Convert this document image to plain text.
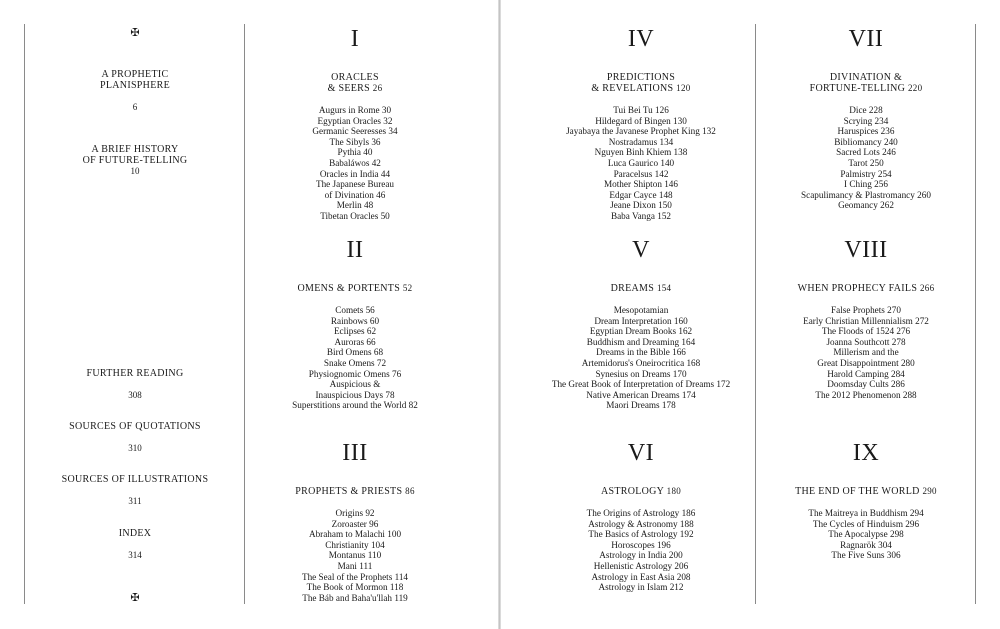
✠
A PROPHETIC
PLANISPHERE
6
A BRIEF HISTORY
OF FUTURE-TELLING
10
FURTHER READING
308
SOURCES OF QUOTATIONS
310
SOURCES OF ILLUSTRATIONS
311
INDEX
314
✠
I
ORACLES
& SEERS 26
Augurs in Rome 30
Egyptian Oracles 32
Germanic Seeresses 34
The Sibyls 36
Pythia 40
Babaláwos 42
Oracles in India 44
The Japanese Bureau
of Divination 46
Merlin 48
Tibetan Oracles 50
II
OMENS & PORTENTS 52
Comets 56
Rainbows 60
Eclipses 62
Auroras 66
Bird Omens 68
Snake Omens 72
Physiognomic Omens 76
Auspicious &
Inauspicious Days 78
Superstitions around the World 82
III
PROPHETS & PRIESTS 86
Origins 92
Zoroaster 96
Abraham to Malachi 100
Christianity 104
Montanus 110
Mani 111
The Seal of the Prophets 114
The Book of Mormon 118
The Báb and Baha'u'llah 119
IV
PREDICTIONS
& REVELATIONS 120
Tui Bei Tu 126
Hildegard of Bingen 130
Jayabaya the Javanese Prophet King 132
Nostradamus 134
Nguyen Binh Khiem 138
Luca Gaurico 140
Paracelsus 142
Mother Shipton 146
Edgar Cayce 148
Jeane Dixon 150
Baba Vanga 152
V
DREAMS 154
Mesopotamian
Dream Interpretation 160
Egyptian Dream Books 162
Buddhism and Dreaming 164
Dreams in the Bible 166
Artemidorus's Oneirocritica 168
Synesius on Dreams 170
The Great Book of Interpretation of Dreams 172
Native American Dreams 174
Maori Dreams 178
VI
ASTROLOGY 180
The Origins of Astrology 186
Astrology & Astronomy 188
The Basics of Astrology 192
Horoscopes 196
Astrology in India 200
Hellenistic Astrology 206
Astrology in East Asia 208
Astrology in Islam 212
VII
DIVINATION &
FORTUNE-TELLING 220
Dice 228
Scrying 234
Haruspices 236
Bibliomancy 240
Sacred Lots 246
Tarot 250
Palmistry 254
I Ching 256
Scapulimancy & Plastromancy 260
Geomancy 262
VIII
WHEN PROPHECY FAILS 266
False Prophets 270
Early Christian Millennialism 272
The Floods of 1524 276
Joanna Southcott 278
Millerism and the
Great Disappointment 280
Harold Camping 284
Doomsday Cults 286
The 2012 Phenomenon 288
IX
THE END OF THE WORLD 290
The Maitreya in Buddhism 294
The Cycles of Hinduism 296
The Apocalypse 298
Ragnarök 304
The Five Suns 306
